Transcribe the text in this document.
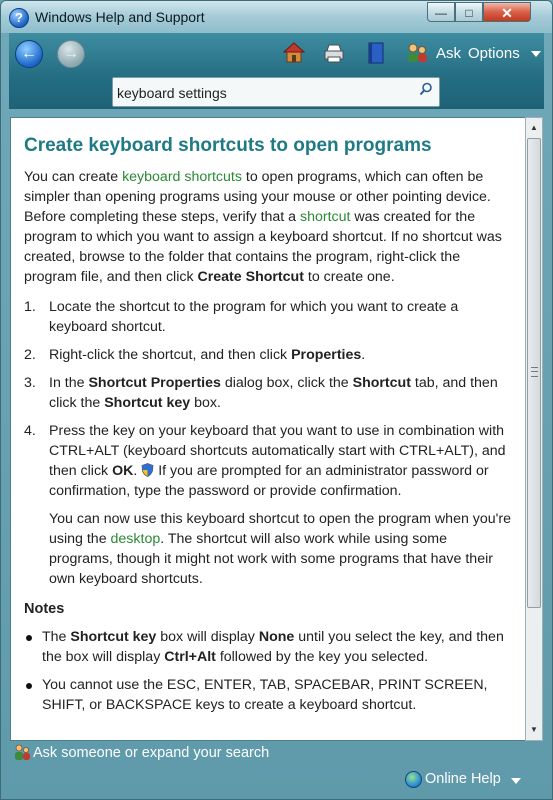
? Windows Help and Support	—	□	✕
←	→	Ask Options
keyboard settings
Create keyboard shortcuts to open programs
You can create keyboard shortcuts to open programs, which can often be simpler than opening programs using your mouse or other pointing device. Before completing these steps, verify that a shortcut was created for the program to which you want to assign a keyboard shortcut. If no shortcut was created, browse to the folder that contains the program, right-click the program file, and then click Create Shortcut to create one.
1. Locate the shortcut to the program for which you want to create a keyboard shortcut.
2. Right-click the shortcut, and then click Properties.
3. In the Shortcut Properties dialog box, click the Shortcut tab, and then click the Shortcut key box.
4. Press the key on your keyboard that you want to use in combination with CTRL+ALT (keyboard shortcuts automatically start with CTRL+ALT), and then click OK.  If you are prompted for an administrator password or confirmation, type the password or provide confirmation.
You can now use this keyboard shortcut to open the program when you're using the desktop. The shortcut will also work while using some programs, though it might not work with some programs that have their own keyboard shortcuts.
Notes
The Shortcut key box will display None until you select the key, and then the box will display Ctrl+Alt followed by the key you selected.
You cannot use the ESC, ENTER, TAB, SPACEBAR, PRINT SCREEN, SHIFT, or BACKSPACE keys to create a keyboard shortcut.
▲
▼
Ask someone or expand your search
Online Help
